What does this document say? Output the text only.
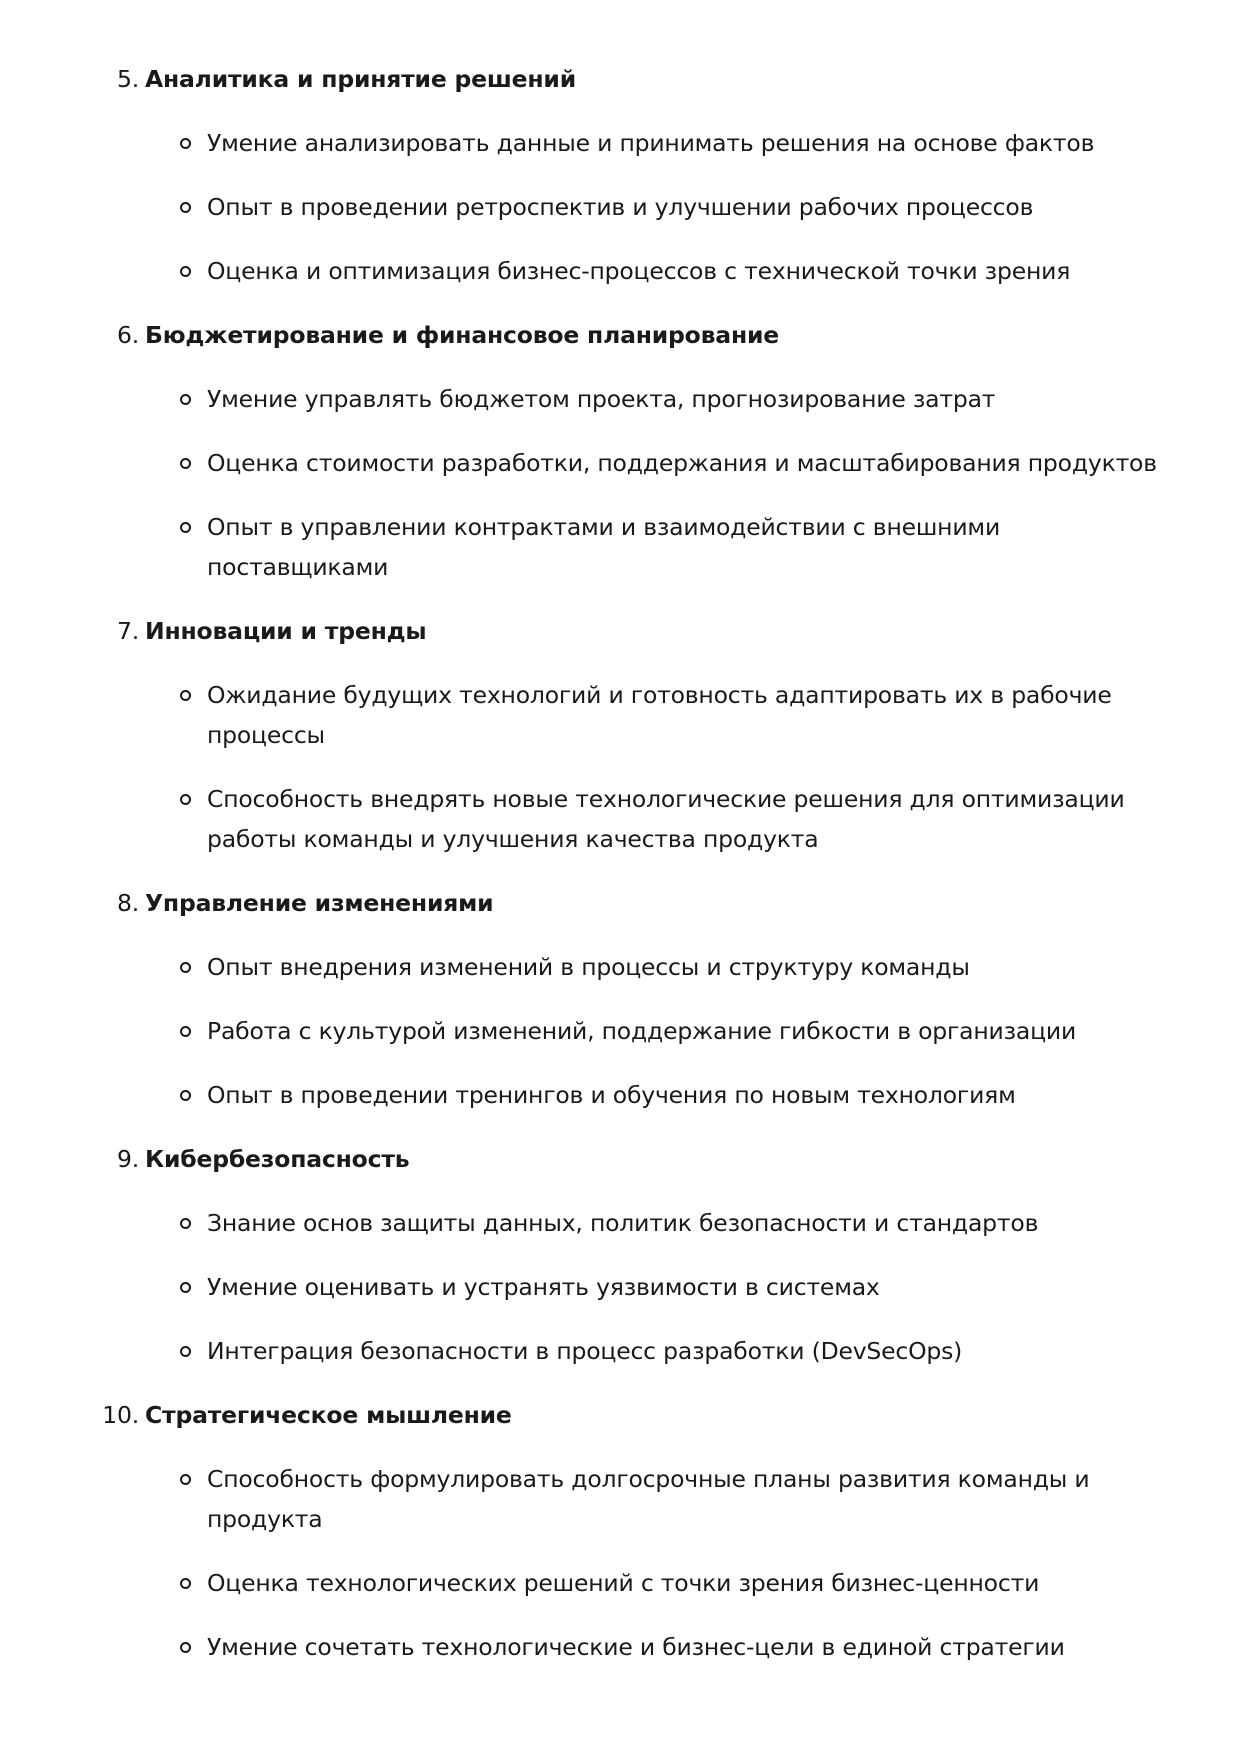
5. Аналитика и принятие решений
Умение анализировать данные и принимать решения на основе фактов
Опыт в проведении ретроспектив и улучшении рабочих процессов
Оценка и оптимизация бизнес-процессов с технической точки зрения
6. Бюджетирование и финансовое планирование
Умение управлять бюджетом проекта, прогнозирование затрат
Оценка стоимости разработки, поддержания и масштабирования продуктов
Опыт в управлении контрактами и взаимодействии с внешними поставщиками
7. Инновации и тренды
Ожидание будущих технологий и готовность адаптировать их в рабочие процессы
Способность внедрять новые технологические решения для оптимизации работы команды и улучшения качества продукта
8. Управление изменениями
Опыт внедрения изменений в процессы и структуру команды
Работа с культурой изменений, поддержание гибкости в организации
Опыт в проведении тренингов и обучения по новым технологиям
9. Кибербезопасность
Знание основ защиты данных, политик безопасности и стандартов
Умение оценивать и устранять уязвимости в системах
Интеграция безопасности в процесс разработки (DevSecOps)
10. Стратегическое мышление
Способность формулировать долгосрочные планы развития команды и продукта
Оценка технологических решений с точки зрения бизнес-ценности
Умение сочетать технологические и бизнес-цели в единой стратегии
